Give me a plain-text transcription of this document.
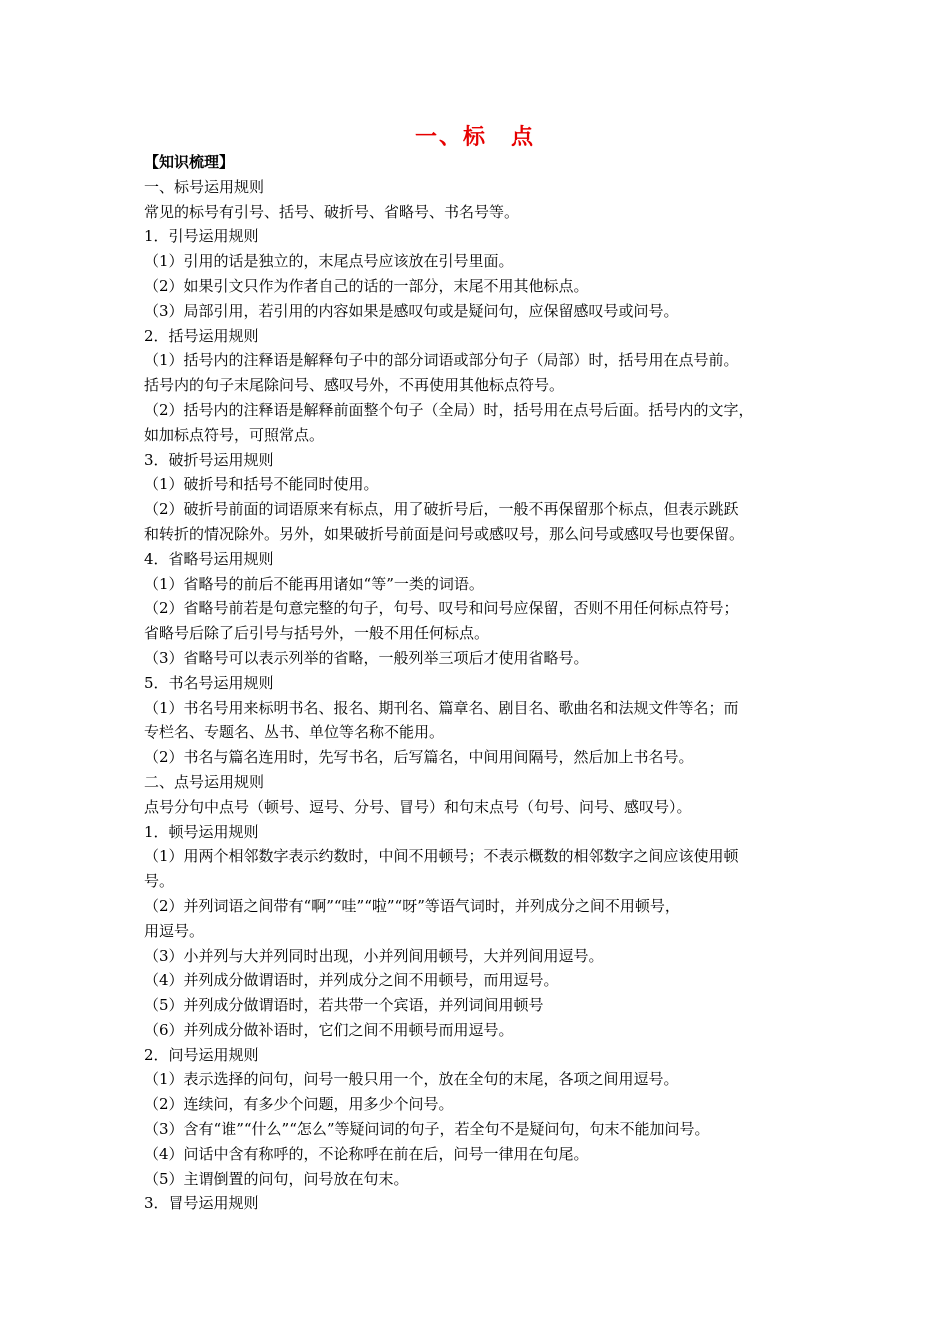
一、标　点

【知识梳理】

一、标号运用规则

常见的标号有引号、括号、破折号、省略号、书名号等。

1．引号运用规则

（1）引用的话是独立的，末尾点号应该放在引号里面。

（2）如果引文只作为作者自己的话的一部分，末尾不用其他标点。

（3）局部引用，若引用的内容如果是感叹句或是疑问句，应保留感叹号或问号。

2．括号运用规则

（1）括号内的注释语是解释句子中的部分词语或部分句子（局部）时，括号用在点号前。

括号内的句子末尾除问号、感叹号外，不再使用其他标点符号。

（2）括号内的注释语是解释前面整个句子（全局）时，括号用在点号后面。括号内的文字，

如加标点符号，可照常点。

3．破折号运用规则

（1）破折号和括号不能同时使用。

（2）破折号前面的词语原来有标点，用了破折号后，一般不再保留那个标点，但表示跳跃

和转折的情况除外。另外，如果破折号前面是问号或感叹号，那么问号或感叹号也要保留。

4．省略号运用规则

（1）省略号的前后不能再用诸如“等”一类的词语。

（2）省略号前若是句意完整的句子，句号、叹号和问号应保留，否则不用任何标点符号；

省略号后除了后引号与括号外，一般不用任何标点。

（3）省略号可以表示列举的省略，一般列举三项后才使用省略号。

5．书名号运用规则

（1）书名号用来标明书名、报名、期刊名、篇章名、剧目名、歌曲名和法规文件等名；而

专栏名、专题名、丛书、单位等名称不能用。

（2）书名与篇名连用时，先写书名，后写篇名，中间用间隔号，然后加上书名号。

二、点号运用规则

点号分句中点号（顿号、逗号、分号、冒号）和句末点号（句号、问号、感叹号）。

1．顿号运用规则

（1）用两个相邻数字表示约数时，中间不用顿号；不表示概数的相邻数字之间应该使用顿

号。

（2）并列词语之间带有“啊”“哇”“啦”“呀”等语气词时，并列成分之间不用顿号，

用逗号。

（3）小并列与大并列同时出现，小并列间用顿号，大并列间用逗号。

（4）并列成分做谓语时，并列成分之间不用顿号，而用逗号。

（5）并列成分做谓语时，若共带一个宾语，并列词间用顿号

（6）并列成分做补语时，它们之间不用顿号而用逗号。

2．问号运用规则

（1）表示选择的问句，问号一般只用一个，放在全句的末尾，各项之间用逗号。

（2）连续问，有多少个问题，用多少个问号。

（3）含有“谁”“什么”“怎么”等疑问词的句子，若全句不是疑问句，句末不能加问号。

（4）问话中含有称呼的，不论称呼在前在后，问号一律用在句尾。

（5）主谓倒置的问句，问号放在句末。

3．冒号运用规则
